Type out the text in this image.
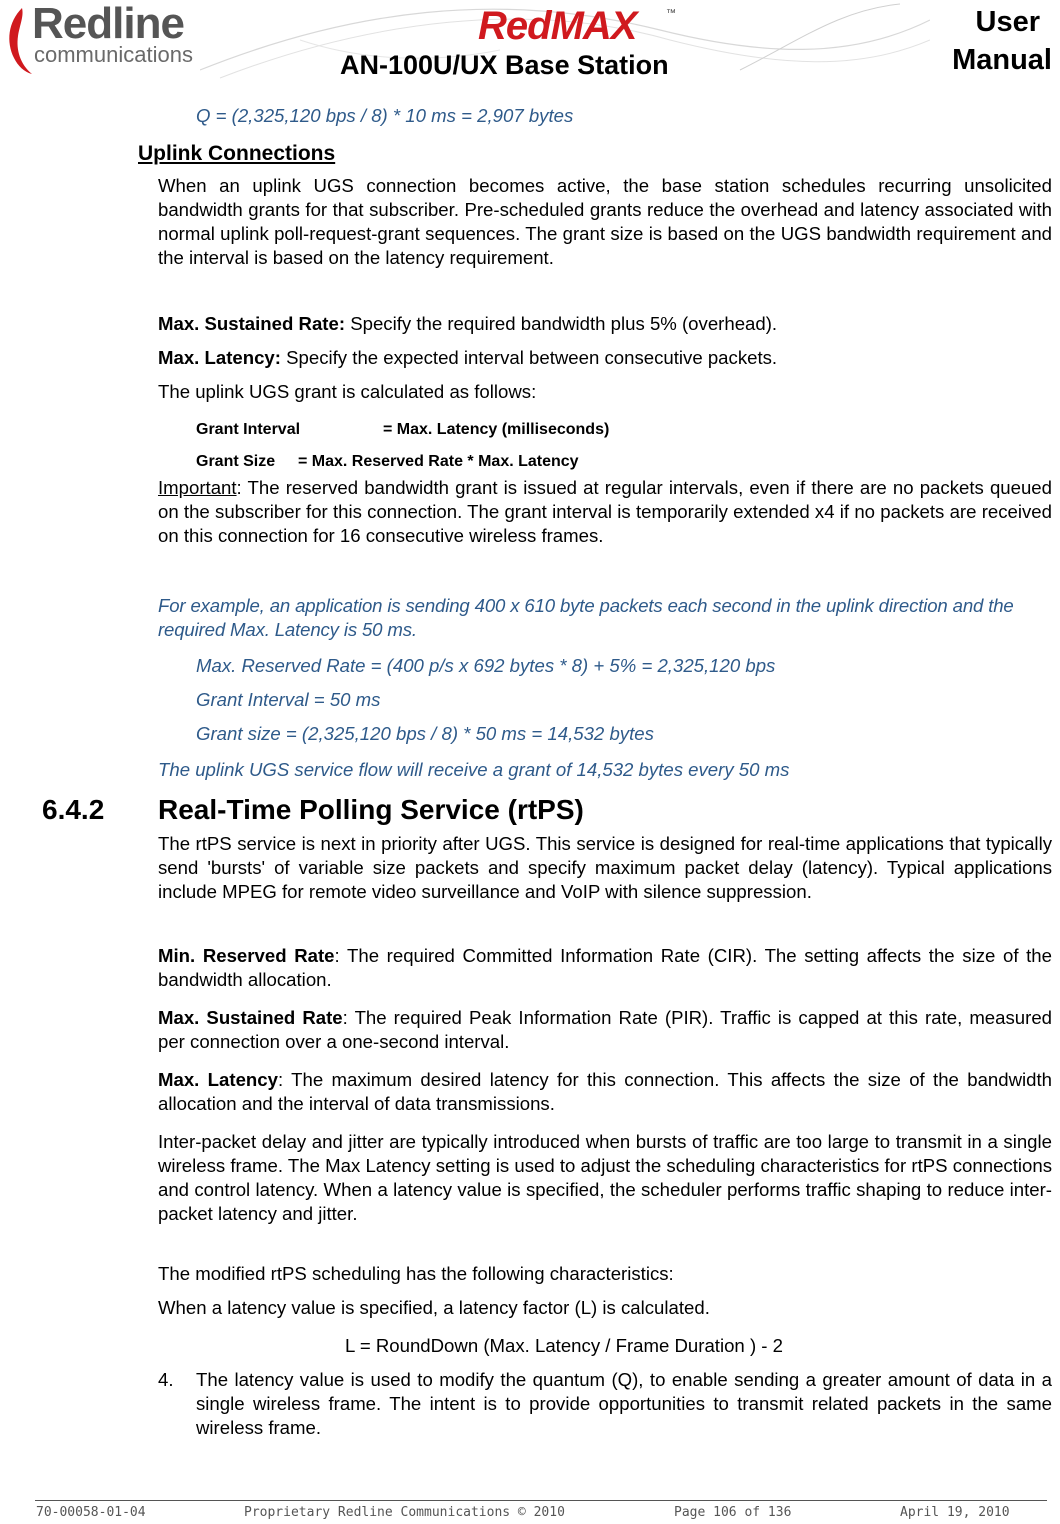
Redline
communications
RedMAX	™
AN-100U/UX Base Station
User
Manual

Q = (2,325,120 bps / 8) * 10 ms = 2,907 bytes

Uplink Connections

When an uplink UGS connection becomes active, the base station schedules recurring unsolicited bandwidth grants for that subscriber. Pre-scheduled grants reduce the overhead and latency associated with normal uplink poll-request-grant sequences. The grant size is based on the UGS bandwidth requirement and the interval is based on the latency requirement.

Max. Sustained Rate: Specify the required bandwidth plus 5% (overhead).

Max. Latency: Specify the expected interval between consecutive packets.

The uplink UGS grant is calculated as follows:

Grant Interval	= Max. Latency (milliseconds)

Grant Size = Max. Reserved Rate * Max. Latency

Important: The reserved bandwidth grant is issued at regular intervals, even if there are no packets queued on the subscriber for this connection. The grant interval is temporarily extended x4 if no packets are received on this connection for 16 consecutive wireless frames.

For example, an application is sending 400 x 610 byte packets each second in the uplink direction and the required Max. Latency is 50 ms.

Max. Reserved Rate = (400 p/s x 692 bytes * 8) + 5% = 2,325,120 bps

Grant Interval = 50 ms

Grant size = (2,325,120 bps / 8) * 50 ms = 14,532 bytes

The uplink UGS service flow will receive a grant of 14,532 bytes every 50 ms

6.4.2 Real-Time Polling Service (rtPS)

The rtPS service is next in priority after UGS. This service is designed for real-time applications that typically send 'bursts' of variable size packets and specify maximum packet delay (latency). Typical applications include MPEG for remote video surveillance and VoIP with silence suppression.

Min. Reserved Rate: The required Committed Information Rate (CIR). The setting affects the size of the bandwidth allocation.

Max. Sustained Rate: The required Peak Information Rate (PIR). Traffic is capped at this rate, measured per connection over a one-second interval.

Max. Latency: The maximum desired latency for this connection. This affects the size of the bandwidth allocation and the interval of data transmissions.

Inter-packet delay and jitter are typically introduced when bursts of traffic are too large to transmit in a single wireless frame. The Max Latency setting is used to adjust the scheduling characteristics for rtPS connections and control latency. When a latency value is specified, the scheduler performs traffic shaping to reduce inter-packet latency and jitter.

The modified rtPS scheduling has the following characteristics:

When a latency value is specified, a latency factor (L) is calculated.

L = RoundDown (Max. Latency / Frame Duration ) - 2

4. The latency value is used to modify the quantum (Q), to enable sending a greater amount of data in a single wireless frame. The intent is to provide opportunities to transmit related packets in the same wireless frame.

70-00058-01-04	Proprietary Redline Communications © 2010	Page 106 of 136	April 19, 2010
